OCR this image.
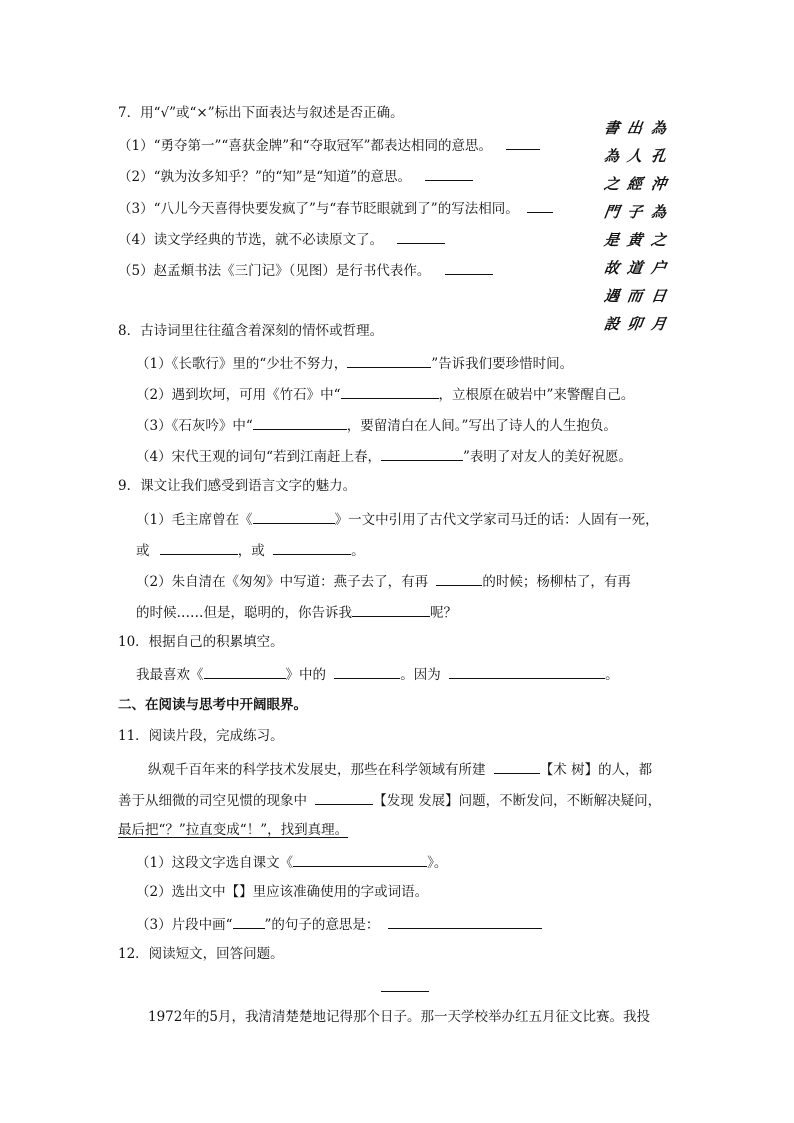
7．用“√”或“×”标出下面表达与叙述是否正确。
（1）“勇夺第一”“喜获金牌”和“夺取冠军”都表达相同的意思。
（2）“孰为汝多知乎？”的“知”是“知道”的意思。
（3）“八儿今天喜得快要发疯了”与“春节眨眼就到了”的写法相同。
（4）读文学经典的节选，就不必读原文了。
（5）赵孟頫书法《三门记》（见图）是行书代表作。
書 出 為
為 人 孔
之 經 沖
門 子 為
是 黄 之
故 道 户
遇 而 日
設 卯 月
8．古诗词里往往蕴含着深刻的情怀或哲理。
（1）《长歌行》里的“少壮不努力，	”告诉我们要珍惜时间。
（2）遇到坎坷，可用《竹石》中“	，立根原在破岩中”来警醒自己。
（3）《石灰吟》中“	，要留清白在人间。”写出了诗人的人生抱负。
（4）宋代王观的词句“若到江南赶上春，	”表明了对友人的美好祝愿。
9．课文让我们感受到语言文字的魅力。
（1）毛主席曾在《	》一文中引用了古代文学家司马迁的话：人固有一死，
或	，或	。
（2）朱自清在《匆匆》中写道：燕子去了，有再	的时候；杨柳枯了，有再
的时候……但是，聪明的，你告诉我	呢？
10．根据自己的积累填空。
我最喜欢《	》中的	。因为	。
二、在阅读与思考中开阔眼界。
11．阅读片段，完成练习。
纵观千百年来的科学技术发展史，那些在科学领域有所建	【术 树】的人，都
善于从细微的司空见惯的现象中	【发现 发展】问题，不断发问，不断解决疑问，
最后把“？”拉直变成“！”，找到真理。
（1）这段文字选自课文《	》。
（2）选出文中【】里应该准确使用的字或词语。
（3）片段中画“ ”的句子的意思是：
12．阅读短文，回答问题。
1972年的5月，我清清楚楚地记得那个日子。那一天学校举办红五月征文比赛。我投
